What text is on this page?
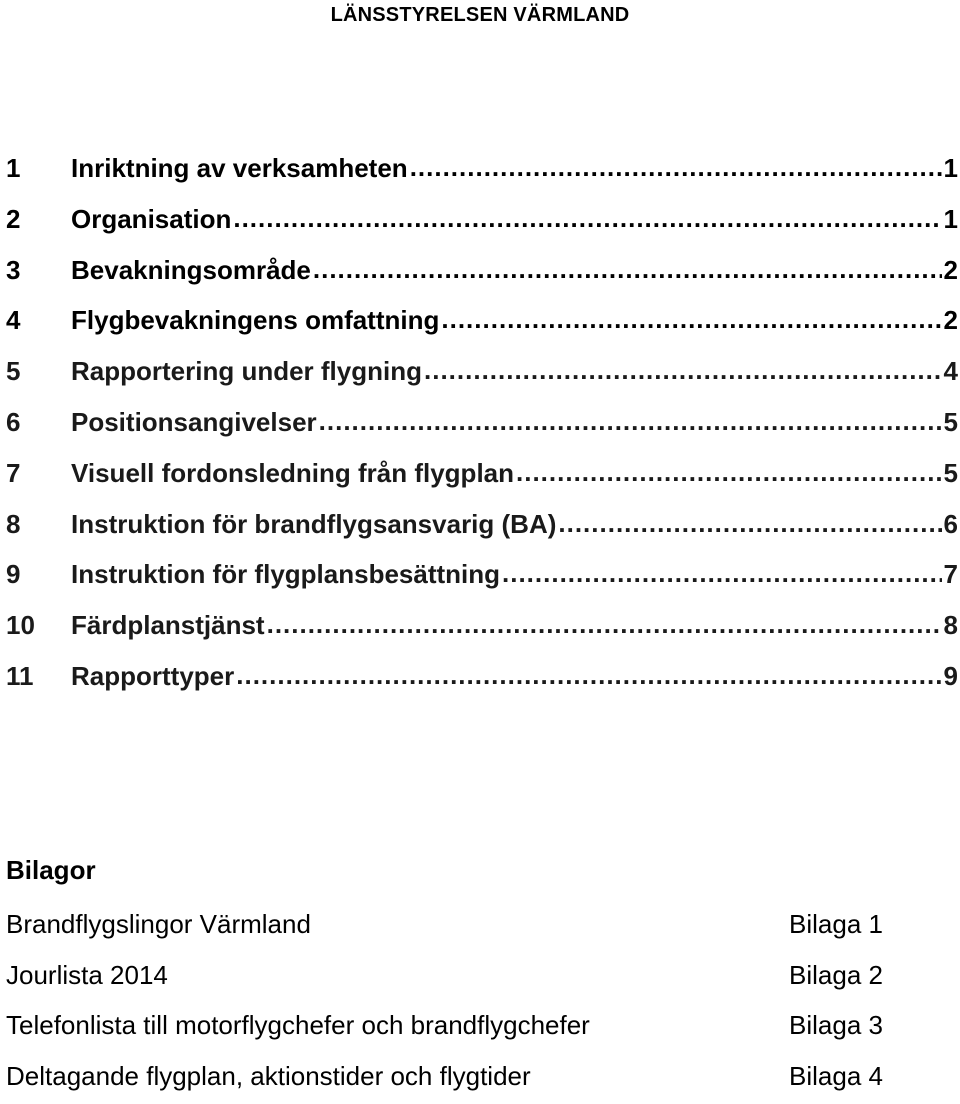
LÄNSSTYRELSEN VÄRMLAND
1	Inriktning av verksamheten .....	1
2	Organisation .....	1
3	Bevakningsområde .....	2
4	Flygbevakningens omfattning .....	2
5	Rapportering under flygning .....	4
6	Positionsangivelser .....	5
7	Visuell fordonsledning från flygplan .....	5
8	Instruktion för brandflygsansvarig (BA) .....	6
9	Instruktion för flygplansbesättning .....	7
10	Färdplanstjänst .....	8
11	Rapporttyper .....	9
Bilagor
Brandflygslingor Värmland	Bilaga 1
Jourlista 2014	Bilaga 2
Telefonlista till motorflygchefer och brandflygchefer	Bilaga 3
Deltagande flygplan, aktionstider och flygtider	Bilaga 4
